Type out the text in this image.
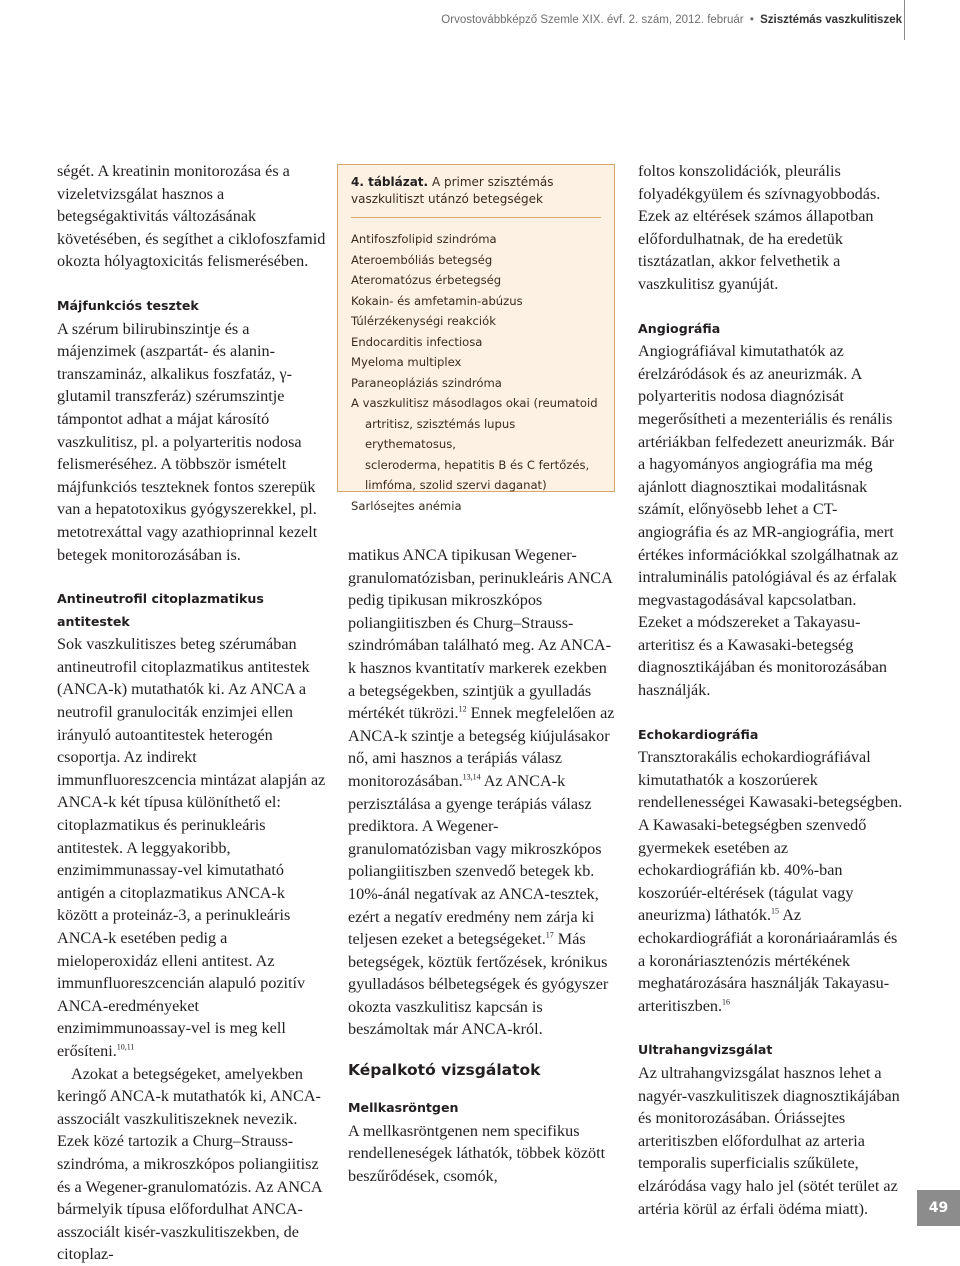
Orvostovábbképző Szemle XIX. évf. 2. szám, 2012. február • Szisztémás vaszkulitiszek

ségét. A kreatinin monitorozása és a vizeletvizsgálat hasznos a betegségaktivitás változásának követésében, és segíthet a ciklofoszfamid okozta hólyagtoxicitás felismerésében.

Májfunkciós tesztek

A szérum bilirubinszintje és a májenzimek (aszpartát- és alanin-transzamináz, alkalikus foszfatáz, γ-glutamil transzferáz) szérumszintje támpontot adhat a májat károsító vaszkulitisz, pl. a polyarteritis nodosa felismeréséhez. A többször ismételt májfunkciós teszteknek fontos szerepük van a hepatotoxikus gyógyszerekkel, pl. metotrexáttal vagy azathioprinnal kezelt betegek monitorozásában is.

Antineutrofil citoplazmatikus antitestek

Sok vaszkulitiszes beteg szérumában antineutrofil citoplazmatikus antitestek (ANCA-k) mutathatók ki. Az ANCA a neutrofil granulociták enzimjei ellen irányuló autoantitestek heterogén csoportja. Az indirekt immunfluoreszcencia mintázat alapján az ANCA-k két típusa különíthető el: citoplazmatikus és perinukleáris antitestek. A leggyakoribb, enzimimmunassay-vel kimutatható antigén a citoplazmatikus ANCA-k között a proteináz-3, a perinukleáris ANCA-k esetében pedig a mieloperoxidáz elleni antitest. Az immunfluoreszcencián alapuló pozitív ANCA-eredményeket enzimimmunoassay-vel is meg kell erősíteni.$^{10,11}$

Azokat a betegségeket, amelyekben keringő ANCA-k mutathatók ki, ANCA-asszociált vaszkulitiszeknek nevezik. Ezek közé tartozik a Churg–Strauss-szindróma, a mikroszkópos poliangiitisz és a Wegener-granulomatózis. Az ANCA bármelyik típusa előfordulhat ANCA-asszociált kisér-vaszkulitiszekben, de citoplaz-

4. táblázat. A primer szisztémás vaszkulitiszt utánzó betegségek
Antifoszfolipid szindróma
Ateroembóliás betegség
Ateromatózus érbetegség
Kokain- és amfetamin-abúzus
Túlérzékenységi reakciók
Endocarditis infectiosa
Myeloma multiplex
Paraneopláziás szindróma
A vaszkulitisz másodlagos okai (reumatoid
artritisz, szisztémás lupus erythematosus,
scleroderma, hepatitis B és C fertőzés,
limfóma, szolid szervi daganat)
Sarlósejtes anémia

matikus ANCA tipikusan Wegener-granulomatózisban, perinukleáris ANCA pedig tipikusan mikroszkópos poliangiitiszben és Churg–Strauss-szindrómában található meg. Az ANCA-k hasznos kvantitatív markerek ezekben a betegségekben, szintjük a gyulladás mértékét tükrözi.$^{12}$ Ennek megfelelően az ANCA-k szintje a betegség kiújulásakor nő, ami hasznos a terápiás válasz monitorozásában.$^{13,14}$ Az ANCA-k perzisztálása a gyenge terápiás válasz prediktora. A Wegener-granulomatózisban vagy mikroszkópos poliangiitiszben szenvedő betegek kb. 10%-ánál negatívak az ANCA-tesztek, ezért a negatív eredmény nem zárja ki teljesen ezeket a betegségeket.$^{17}$ Más betegségek, köztük fertőzések, krónikus gyulladásos bélbetegségek és gyógyszer okozta vaszkulitisz kapcsán is beszámoltak már ANCA-król.

Képalkotó vizsgálatok
Mellkasröntgen

A mellkasröntgenen nem specifikus rendelleneségek láthatók, többek között beszűrődések, csomók,

foltos konszolidációk, pleurális folyadékgyülem és szívnagyobbodás. Ezek az eltérések számos állapotban előfordulhatnak, de ha eredetük tisztázatlan, akkor felvethetik a vaszkulitisz gyanúját.

Angiográfia

Angiográfiával kimutathatók az érelzáródások és az aneurizmák. A polyarteritis nodosa diagnózisát megerősítheti a mezenteriális és renális artériákban felfedezett aneurizmák. Bár a hagyományos angiográfia ma még ajánlott diagnosztikai modalitásnak számít, előnyösebb lehet a CT-angiográfia és az MR-angiográfia, mert értékes információkkal szolgálhatnak az intraluminális patológiával és az érfalak megvastagodásával kapcsolatban. Ezeket a módszereket a Takayasu-arteritisz és a Kawasaki-betegség diagnosztikájában és monitorozásában használják.

Echokardiográfia

Transztorakális echokardiográfiával kimutathatók a koszorúerek rendellenességei Kawasaki-betegségben. A Kawasaki-betegségben szenvedő gyermekek esetében az echokardiográfián kb. 40%-ban koszorúér-eltérések (tágulat vagy aneurizma) láthatók.$^{15}$ Az echokardiográfiát a koronáriaáramlás és a koronáriasztenózis mértékének meghatározására használják Takayasu-arteritiszben.$^{16}$

Ultrahangvizsgálat

Az ultrahangvizsgálat hasznos lehet a nagyér-vaszkulitiszek diagnosztikájában és monitorozásában. Óriássejtes arteritiszben előfordulhat az arteria temporalis superficialis szűkülete, elzáródása vagy halo jel (sötét terület az artéria körül az érfali ödéma miatt).	49
